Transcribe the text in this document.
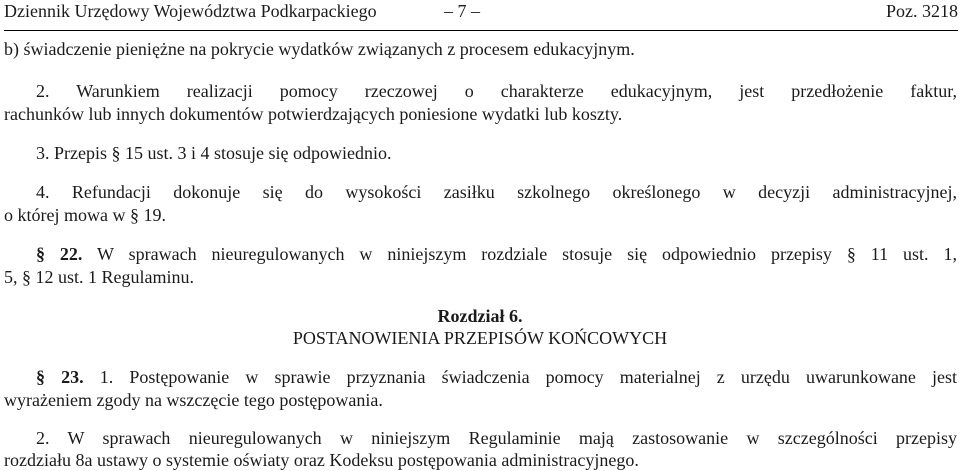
Dziennik Urzędowy Województwa Podkarpackiego	– 7 –	Poz. 3218
b) świadczenie pieniężne na pokrycie wydatków związanych z procesem edukacyjnym.
2. Warunkiem realizacji pomocy rzeczowej o charakterze edukacyjnym, jest przedłożenie faktur,
rachunków lub innych dokumentów potwierdzających poniesione wydatki lub koszty.
3. Przepis § 15 ust. 3 i 4 stosuje się odpowiednio.
4. Refundacji dokonuje się do wysokości zasiłku szkolnego określonego w decyzji administracyjnej,
o której mowa w § 19.
§ 22. W sprawach nieuregulowanych w niniejszym rozdziale stosuje się odpowiednio przepisy § 11 ust. 1,
5, § 12 ust. 1 Regulaminu.
Rozdział 6.
POSTANOWIENIA PRZEPISÓW KOŃCOWYCH
§ 23. 1. Postępowanie w sprawie przyznania świadczenia pomocy materialnej z urzędu uwarunkowane jest
wyrażeniem zgody na wszczęcie tego postępowania.
2. W sprawach nieuregulowanych w niniejszym Regulaminie mają zastosowanie w szczególności przepisy
rozdziału 8a ustawy o systemie oświaty oraz Kodeksu postępowania administracyjnego.
